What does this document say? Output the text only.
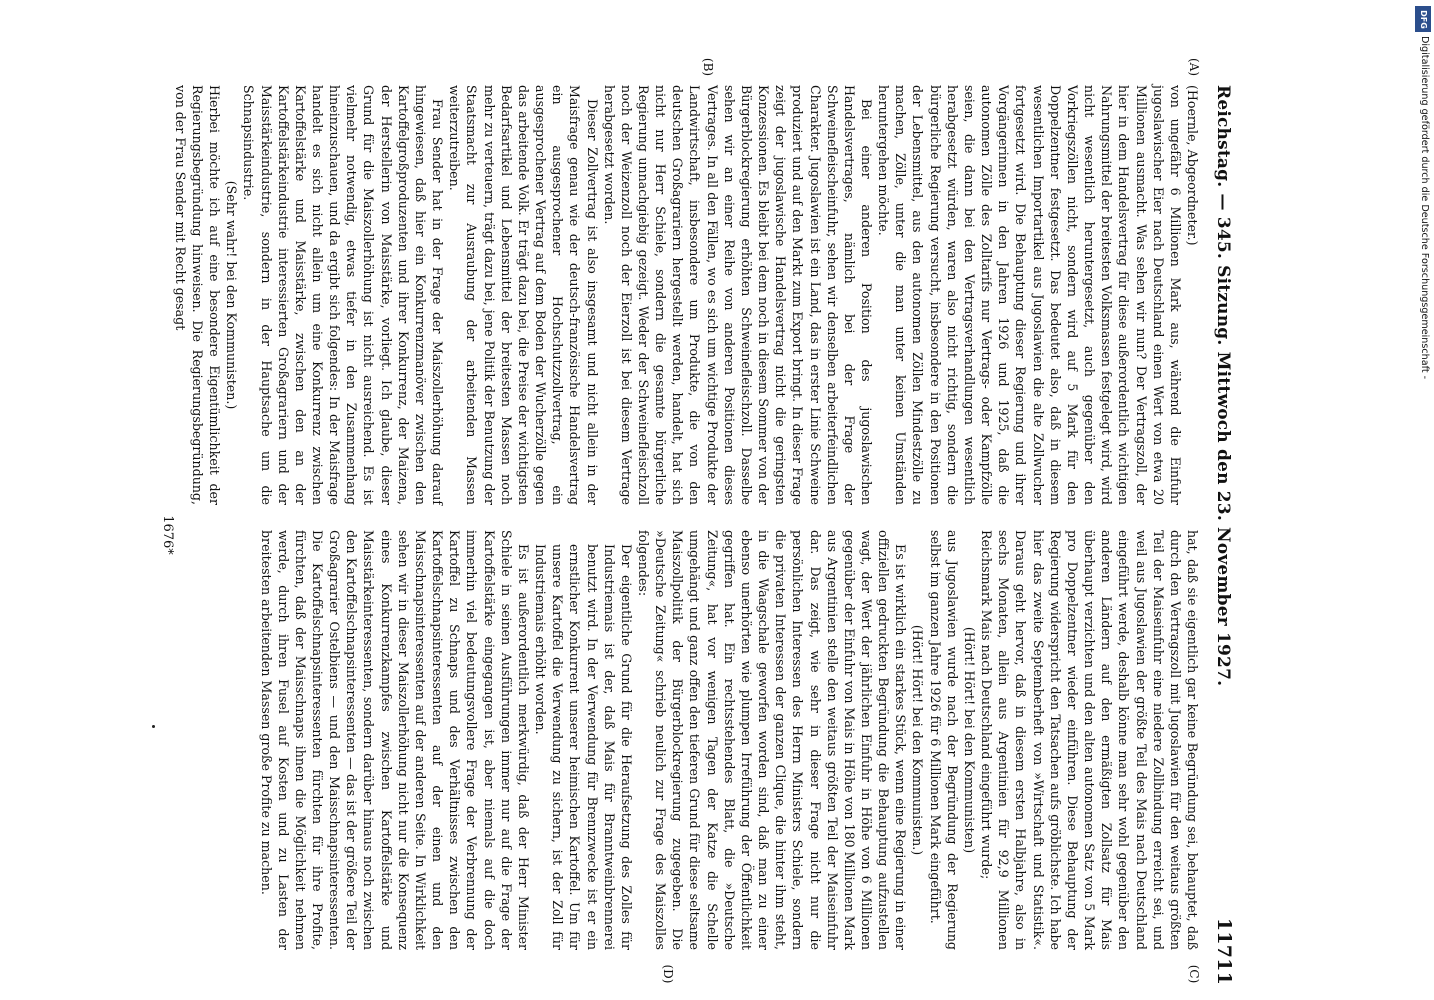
Reichstag. — 345. Sitzung. Mittwoch den 23. November 1927.
11711
(A)
(B)
(C)
(D)

(Hoernle, Abgeordneter.)

von ungefähr 6 Millionen Mark aus, während die Einfuhr jugoslawischer Eier nach Deutschland einen Wert von etwa 20 Millionen ausmacht. Was sehen wir nun? Der Vertragszoll, der hier in dem Handelsvertrag für diese außerordentlich wichtigen Nahrungsmittel der breitesten Volksmassen festgelegt wird, wird nicht wesentlich heruntergesetzt, auch gegenüber den Vorkriegszöllen nicht, sondern wird auf 5 Mark für den Doppelzentner festgesetzt. Das bedeutet also, daß in diesem wesentlichen Importartikel aus Jugoslawien die alte Zollwucher fortgesetzt wird. Die Behauptung dieser Regierung und ihrer Vorgängerinnen in den Jahren 1926 und 1925, daß die autonomen Zölle des Zolltarifs nur Vertrags- oder Kampfzölle seien, die dann bei den Vertragsverhandlungen wesentlich herabgesetzt würden, waren also nicht richtig, sondern die bürgerliche Regierung versucht, insbesondere in den Positionen der Lebensmittel, aus den autonomen Zöllen Mindestzölle zu machen, Zölle, unter die man unter keinen Umständen heruntergehen möchte.

Bei einer anderen Position des jugoslawischen Handelsvertrages, nämlich bei der Frage der Schweinefleischeinfuhr, sehen wir denselben arbeiterfeindlichen Charakter. Jugoslawien ist ein Land, das in erster Linie Schweine produziert und auf den Markt zum Export bringt. In dieser Frage zeigt der jugoslawische Handelsvertrag nicht die geringsten Konzessionen. Es bleibt bei dem noch in diesem Sommer von der Bürgerblockregierung erhöhten Schweinefleischzoll. Dasselbe sehen wir an einer Reihe von anderen Positionen dieses Vertrages. In all den Fällen, wo es sich um wichtige Produkte der Landwirtschaft, insbesondere um Produkte, die von den deutschen Großagrariern hergestellt werden, handelt, hat sich nicht nur Herr Schiele, sondern die gesamte bürgerliche Regierung unnachgiebig gezeigt. Weder der Schweinefleischzoll noch der Weizenzoll noch der Eierzoll ist bei diesem Vertrage herabgesetzt worden.

Dieser Zollvertrag ist also insgesamt und nicht allein in der Maisfrage genau wie der deutsch-französische Handelsvertrag ein ausgesprochener Hochschutzzollvertrag, ein ausgesprochener Vertrag auf dem Boden der Wucherzölle gegen das arbeitende Volk. Er trägt dazu bei, die Preise der wichtigsten Bedarfsartikel und Lebensmittel der breitesten Massen noch mehr zu verteuern, trägt dazu bei, jene Politik der Benutzung der Staatsmacht zur Ausraubung der arbeitenden Massen weiterzutreiben.

Frau Sender hat in der Frage der Maiszollerhöhung darauf hingewiesen, daß hier ein Konkurrenzmanöver zwischen den Kartoffelgroßproduzenten und ihrer Konkurrenz, der Maizena, der Herstellerin von Maisstärke, vorliegt. Ich glaube, dieser Grund für die Maiszollerhöhung ist nicht ausreichend. Es ist vielmehr notwendig, etwas tiefer in den Zusammenhang hineinzuschauen, und da ergibt sich folgendes: In der Maisfrage handelt es sich nicht allein um eine Konkurrenz zwischen Kartoffelstärke und Maisstärke, zwischen den an der Kartoffelstärkeindustrie interessierten Großagrariern und der Maisstärkeindustrie, sondern in der Hauptsache um die Schnapsindustrie.

(Sehr wahr! bei den Kommunisten.)

Hierbei möchte ich auf eine besondere Eigentümlichkeit der Regierungsbegründung hinweisen. Die Regierungsbegründung, von der Frau Sender mit Recht gesagt

hat, daß sie eigentlich gar keine Begründung sei, behauptet, daß durch den Vertragszoll mit Jugoslawien für den weitaus größten Teil der Maiseinfuhr eine niedere Zollbindung erreicht sei, und weil aus Jugoslawien der größte Teil des Mais nach Deutschland eingeführt werde, deshalb könne man sehr wohl gegenüber den anderen Ländern auf den ermäßigten Zollsatz für Mais überhaupt verzichten und den alten autonomen Satz von 5 Mark pro Doppelzentner wieder einführen. Diese Behauptung der Regierung widerspricht den Tatsachen aufs gröblichste. Ich habe hier das zweite Septemberheft von »Wirtschaft und Statistik«. Daraus geht hervor, daß in diesem ersten Halbjahre, also in sechs Monaten, allein aus Argentinien für 92,9 Millionen Reichsmark Mais nach Deutschland eingeführt wurde;

(Hört! Hört! bei den Kommunisten)

aus Jugoslawien wurde nach der Begründung der Regierung selbst im ganzen Jahre 1926 für 6 Millionen Mark eingeführt.

(Hört! Hört! bei den Kommunisten.)

Es ist wirklich ein starkes Stück, wenn eine Regierung in einer offiziellen gedruckten Begründung die Behauptung aufzustellen wagt, der Wert der jährlichen Einfuhr in Höhe von 6 Millionen gegenüber der Einfuhr von Mais in Höhe von 180 Millionen Mark aus Argentinien stelle den weitaus größten Teil der Maiseinfuhr dar. Das zeigt, wie sehr in dieser Frage nicht nur die persönlichen Interessen des Herrn Ministers Schiele, sondern die privaten Interessen der ganzen Clique, die hinter ihm steht, in die Waagschale geworfen worden sind, daß man zu einer ebenso unerhörten wie plumpen Irreführung der Öffentlichkeit gegriffen hat. Ein rechtsstehendes Blatt, die »Deutsche Zeitung«, hat vor wenigen Tagen der Katze die Schelle umgehängt und ganz offen den tieferen Grund für diese seltsame Maiszollpolitik der Bürgerblockregierung zugegeben. Die »Deutsche Zeitung« schrieb neulich zur Frage des Maiszolles folgendes:

Der eigentliche Grund für die Heraufsetzung des Zolles für Industriemais ist der, daß Mais für Branntweinbrennerei benutzt wird. In der Verwendung für Brennzwecke ist er ein ernstlicher Konkurrent unserer heimischen Kartoffel. Um für unsere Kartoffel die Verwendung zu sichern, ist der Zoll für Industriemais erhöht worden.

Es ist außerordentlich merkwürdig, daß der Herr Minister Schiele in seinen Ausführungen immer nur auf die Frage der Kartoffelstärke eingegangen ist, aber niemals auf die doch immerhin viel bedeutungsvollere Frage der Verbrennung der Kartoffel zu Schnaps und des Verhältnisses zwischen den Kartoffelschnapsinteressenten auf der einen und den Maisschnapsinteressenten auf der anderen Seite. In Wirklichkeit sehen wir in dieser Maiszollerhöhung nicht nur die Konsequenz eines Konkurrenzkampfes zwischen Kartoffelstärke und Maisstärkeinteressenten, sondern darüber hinaus noch zwischen den Kartoffelschnapsinteressenten — das ist der größere Teil der Großagrarier Ostelbiens — und den Maisschnapsinteressenten. Die Kartoffelschnapsinteressenten fürchten für ihre Profite, fürchten, daß der Maisschnaps ihnen die Möglichkeit nehmen werde, durch ihren Fusel auf Kosten und zu Lasten der breitesten arbeitenden Massen große Profite zu machen.

1676*
Digitalisierung gefördert durch die Deutsche Forschungsgemeinschaft -
DFG
